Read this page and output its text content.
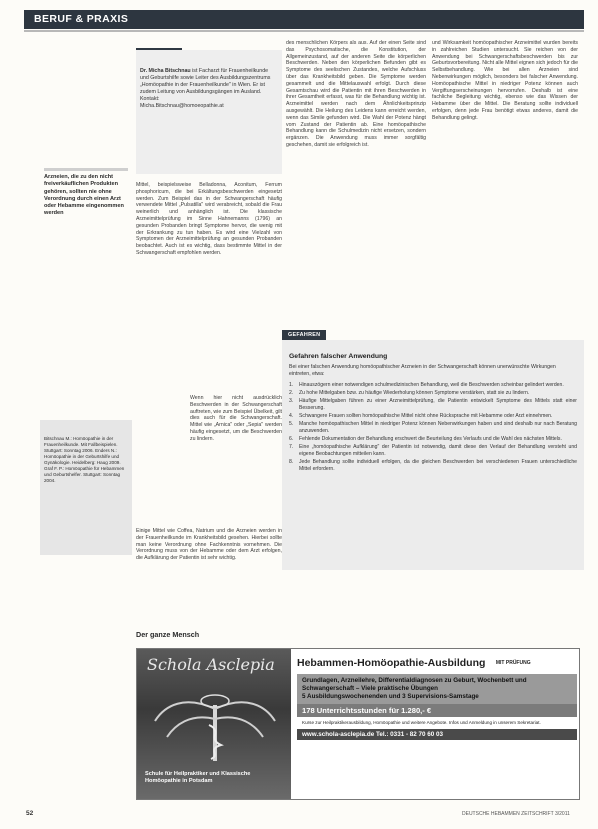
BERUF & PRAXIS
Arzneien, die zu den nicht freiverkäuflichen Produkten gehören, sollten nie ohne Verordnung durch einen Arzt oder Hebamme eingenommen werden
Dr. Micha Bitschnau ist Facharzt für Frauenheilkunde und Geburtshilfe sowie Leiter des Ausbildungszentrums „Homöopathie in der Frauenheilkunde" in Wien. Er ist zudem Leitung von Ausbildungsgängen im Ausland.
Kontakt:
Micha.Bitschnau@homoeopathie.at
Mittel, beispielsweise Belladonna, Aconitum, Ferrum phosphoricum, die bei Erkältungsbeschwerden eingesetzt werden. Zum Beispiel das in der Schwangerschaft häufig verwendete Mittel „Pulsatilla" wird verabreicht, sobald die Frau weinerlich und anhänglich ist. Die klassische Arzneimittelprüfung im Sinne Hahnemanns (1796) an gesunden Probanden bringt Symptome hervor, die wenig mit der Erkrankung zu tun haben. Es wird eine Vielzahl von Symptomen der Arzneimittelprüfung an gesunden Probanden beobachtet. Auch ist es wichtig, dass bestimmte Mittel in der Schwangerschaft empfohlen werden.
Wenn hier nicht ausdrücklich Beschwerden in der Schwangerschaft auftreten, wie zum Beispiel Übelkeit, gilt dies auch für die Schwangerschaft. Mittel wie „Arnica" oder „Sepia" werden häufig eingesetzt, um die Beschwerden zu lindern.
Einige Mittel wie Coffea, Natrium und die Arzneien werden in der Frauenheilkunde im Krankheitsbild gesehen. Hierbei sollte man keine Verordnung ohne Fachkenntnis vornehmen. Die Verordnung muss von der Hebamme oder dem Arzt erfolgen, die Aufklärung der Patientin ist sehr wichtig.
Der ganze Mensch
des menschlichen Körpers als aus. Auf der einen Seite sind das Psychosomatische, die Konstitution, der Allgemeinzustand, auf der anderen Seite die körperlichen Beschwerden. Neben den körperlichen Befunden gibt es Symptome des seelischen Zustandes, welche Aufschluss über das Krankheitsbild geben. Die Symptome werden gesammelt und die Mittelauswahl erfolgt. Durch diese Gesamtschau wird die Patientin mit ihren Beschwerden in ihrer Gesamtheit erfasst, was für die Behandlung wichtig ist. Arzneimittel werden nach dem Ähnlichkeitsprinzip ausgewählt. Die Heilung des Leidens kann erreicht werden, wenn das Simile gefunden wird. Die Wahl der Potenz hängt vom Zustand der Patientin ab. Eine homöopathische Behandlung kann die Schulmedizin nicht ersetzen, sondern ergänzen. Die Anwendung muss immer sorgfältig geschehen, damit sie erfolgreich ist.
und Wirksamkeit homöopathischer Arzneimittel wurden bereits in zahlreichen Studien untersucht. Sie reichen von der Anwendung bei Schwangerschaftsbeschwerden bis zur Geburtsvorbereitung. Nicht alle Mittel eignen sich jedoch für die Selbstbehandlung. Wie bei allen Arzneien sind Nebenwirkungen möglich, besonders bei falscher Anwendung. Homöopathische Mittel in niedriger Potenz können auch Vergiftungserscheinungen hervorrufen. Deshalb ist eine fachliche Begleitung wichtig, ebenso wie das Wissen der Hebamme über die Mittel. Die Beratung sollte individuell erfolgen, denn jede Frau benötigt etwas anderes, damit die Behandlung gelingt.
Bitschnau M.: Homöopathie in der Frauenheilkunde. Mit Fallbeispielen. Stuttgart: Sonntag 2006. Enders N.: Homöopathie in der Geburtshilfe und Gynäkologie. Heidelberg: Haug 2009. Graf F. P.: Homöopathie für Hebammen und Geburtshelfer. Stuttgart: Sonntag 2004.
GEFAHREN
Gefahren falscher Anwendung
Bei einer falschen Anwendung homöopathischer Arzneien in der Schwangerschaft können unerwünschte Wirkungen eintreten, etwa:
1. Hinauszögern einer notwendigen schulmedizinischen Behandlung, weil die Beschwerden scheinbar gelindert werden.
2. Zu hohe Mittelgaben bzw. zu häufige Wiederholung können Symptome verstärken, statt sie zu lindern.
3. Häufige Mittelgaben führen zu einer Arzneimittelprüfung, die Patientin entwickelt Symptome des Mittels statt einer Besserung.
4. Schwangere Frauen sollten homöopathische Mittel nicht ohne Rücksprache mit Hebamme oder Arzt einnehmen.
5. Manche homöopathischen Mittel in niedriger Potenz können Nebenwirkungen haben und sind deshalb nur nach Beratung anzuwenden.
6. Fehlende Dokumentation der Behandlung erschwert die Beurteilung des Verlaufs und die Wahl des nächsten Mittels.
7. Eine „homöopathische Aufklärung" der Patientin ist notwendig, damit diese den Verlauf der Behandlung versteht und eigene Beobachtungen mitteilen kann.
8. Jede Behandlung sollte individuell erfolgen, da die gleichen Beschwerden bei verschiedenen Frauen unterschiedliche Mittel erfordern.
Schola Asclepia
Schule für Heilpraktiker und Klassische Homöopathie in Potsdam
Hebammen-Homöopathie-Ausbildung MIT PRÜFUNG
Grundlagen, Arzneilehre, Differentialdiagnosen zu Geburt, Wochenbett und Schwangerschaft – Viele praktische Übungen
5 Ausbildungswochenenden und 3 Supervisions-Samstage
178 Unterrichtsstunden für 1.280,- €
Kurse zur Heilpraktikerausbildung, Homöopathie und weitere Angebote. Infos und Anmeldung in unserem Sekretariat.
www.schola-asclepia.de Tel.: 0331 - 82 70 60 03
52	DEUTSCHE HEBAMMEN ZEITSCHRIFT 3/2011
